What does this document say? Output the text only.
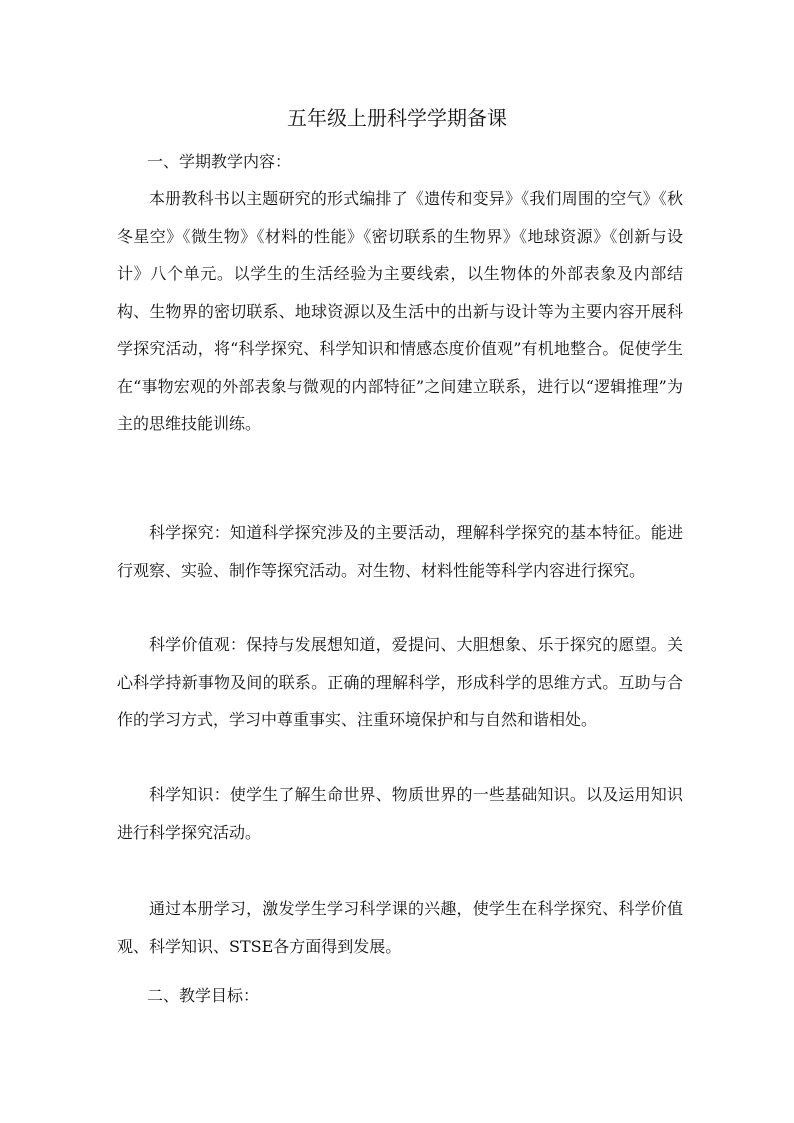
五年级上册科学学期备课

一、学期教学内容：

本册教科书以主题研究的形式编排了《遗传和变异》《我们周围的空气》《秋冬星空》《微生物》《材料的性能》《密切联系的生物界》《地球资源》《创新与设计》八个单元。以学生的生活经验为主要线索，以生物体的外部表象及内部结构、生物界的密切联系、地球资源以及生活中的出新与设计等为主要内容开展科学探究活动，将“科学探究、科学知识和情感态度价值观”有机地整合。促使学生在“事物宏观的外部表象与微观的内部特征”之间建立联系，进行以“逻辑推理”为主的思维技能训练。

科学探究：知道科学探究涉及的主要活动，理解科学探究的基本特征。能进行观察、实验、制作等探究活动。对生物、材料性能等科学内容进行探究。

科学价值观：保持与发展想知道，爱提问、大胆想象、乐于探究的愿望。关心科学持新事物及间的联系。正确的理解科学，形成科学的思维方式。互助与合作的学习方式，学习中尊重事实、注重环境保护和与自然和谐相处。

科学知识：使学生了解生命世界、物质世界的一些基础知识。以及运用知识进行科学探究活动。

通过本册学习，激发学生学习科学课的兴趣，使学生在科学探究、科学价值观、科学知识、STSE各方面得到发展。

二、教学目标：
